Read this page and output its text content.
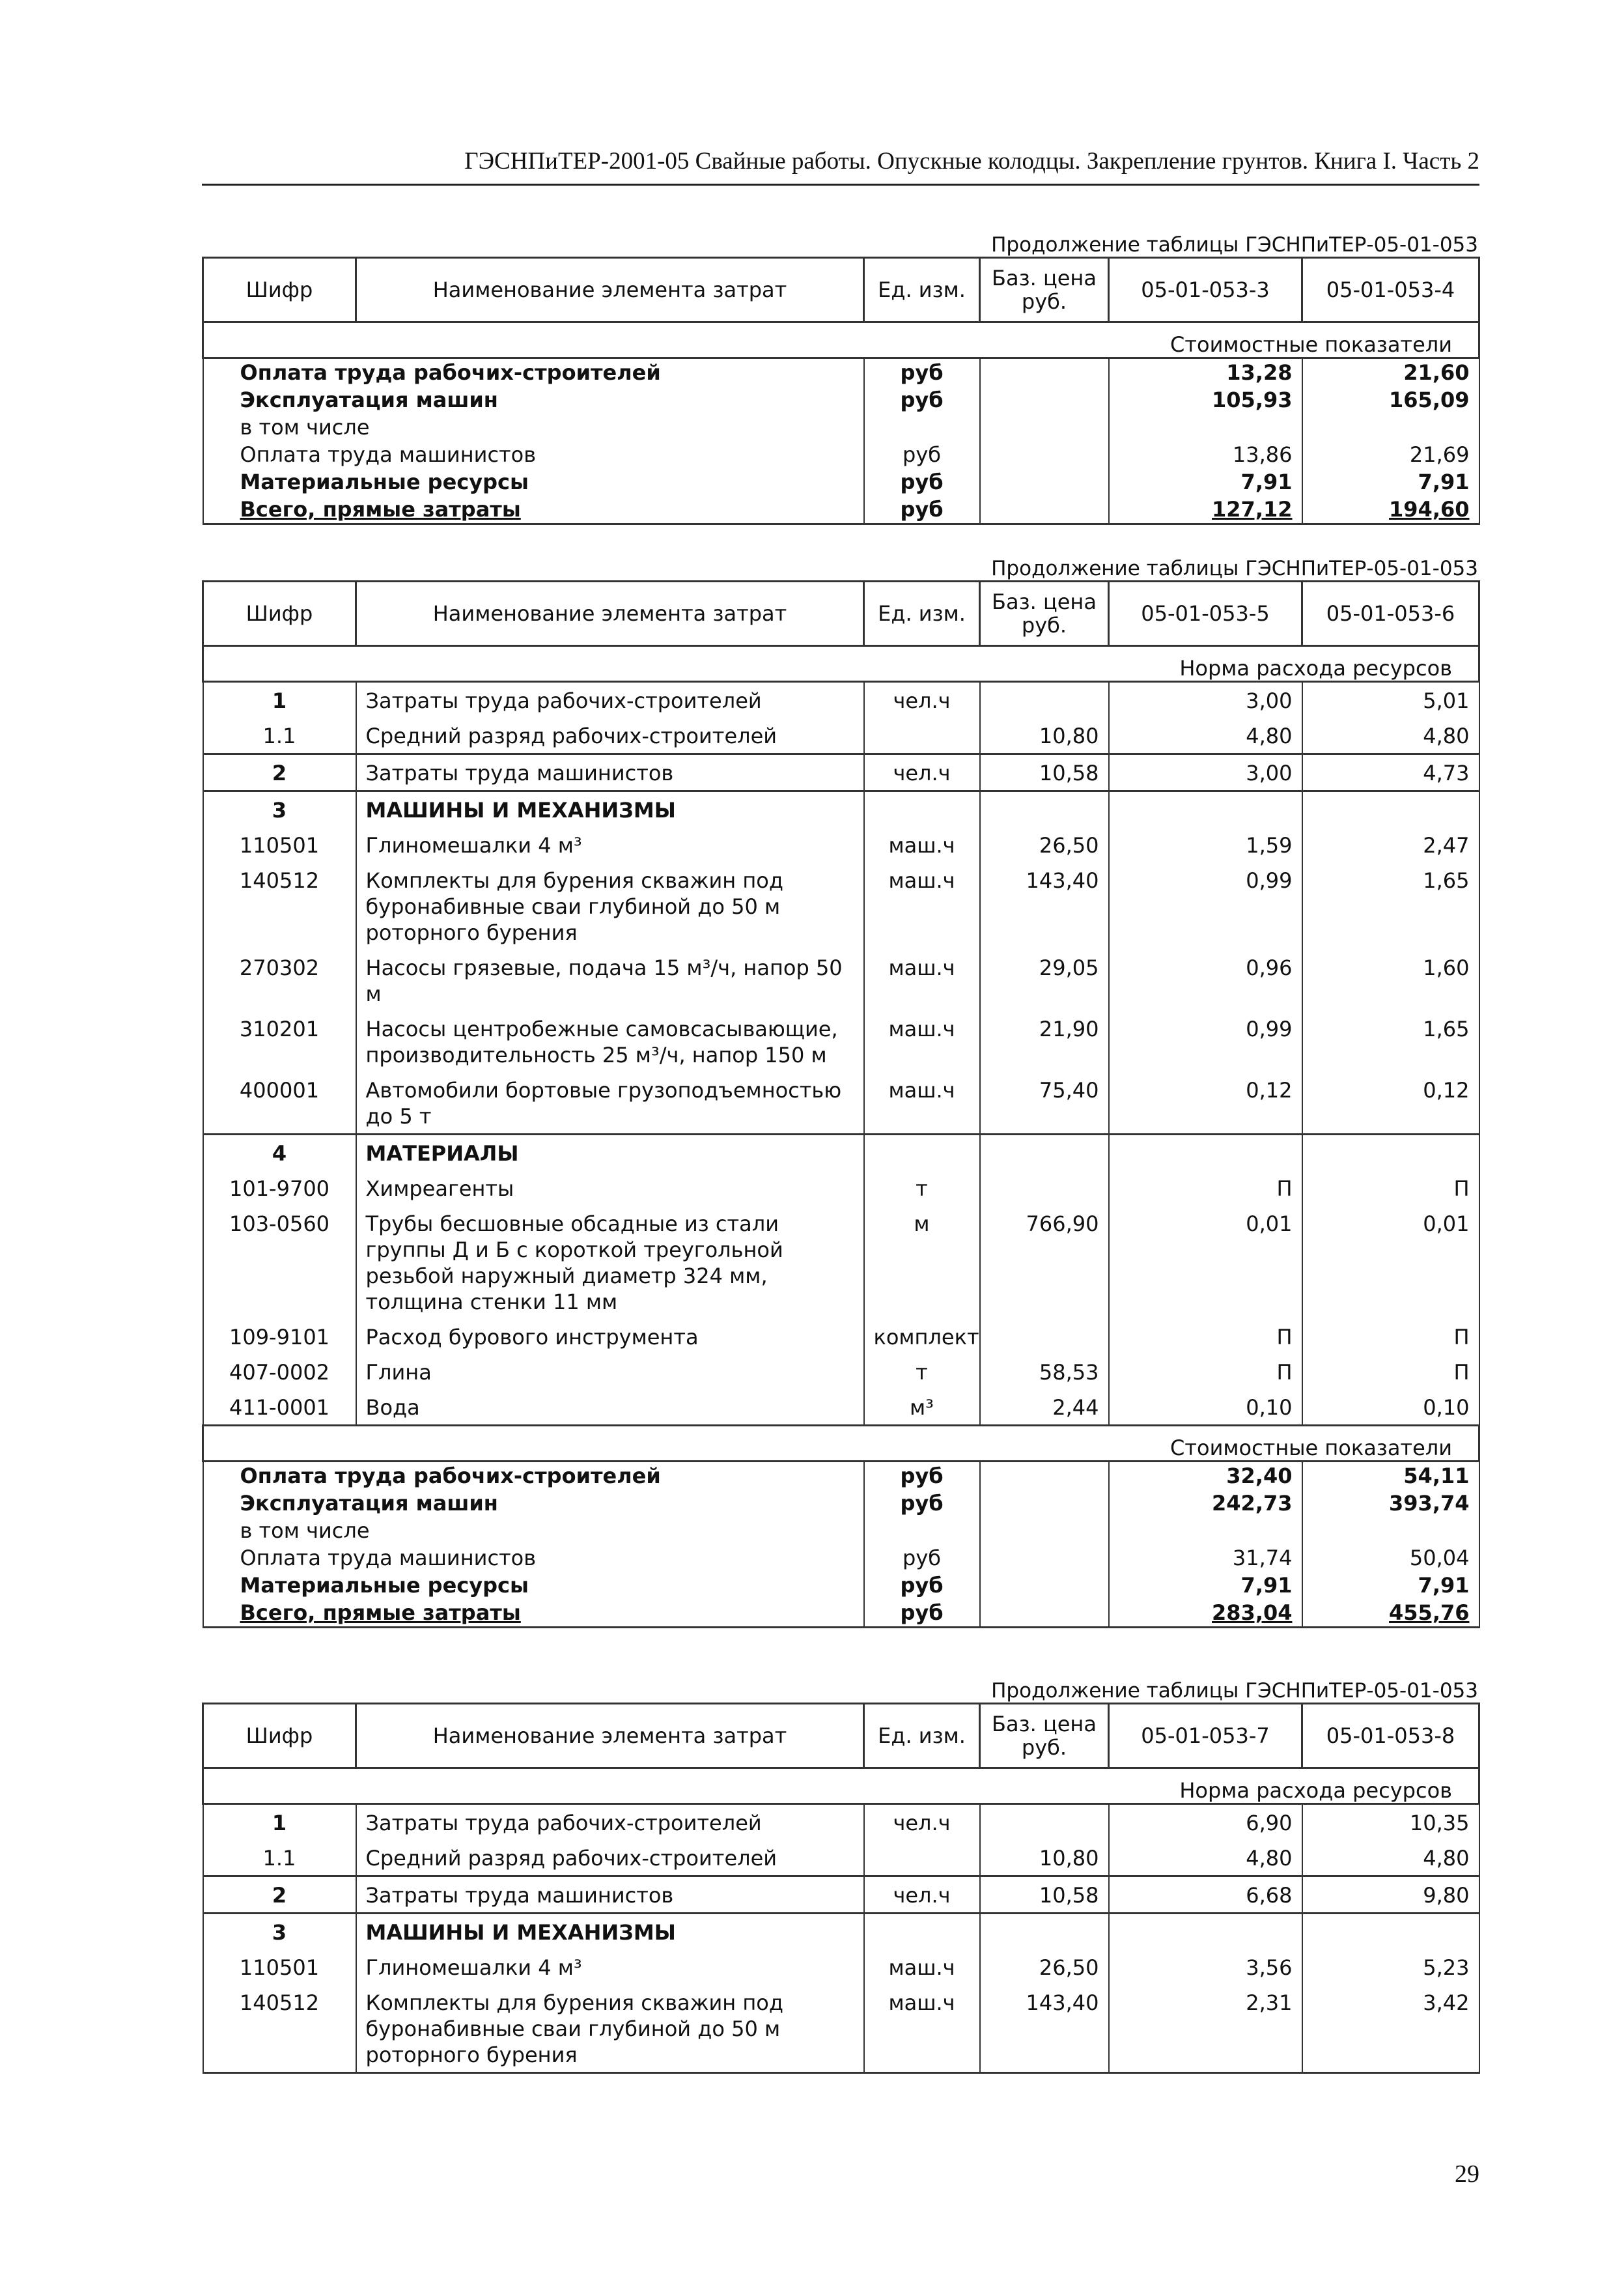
ГЭСНПиТЕР-2001-05 Свайные работы. Опускные колодцы. Закрепление грунтов. Книга I. Часть 2
Продолжение таблицы ГЭСНПиТЕР-05-01-053
Шифр	Наименование элемента затрат	Ед. изм.	Баз. цена руб.	05-01-053-3	05-01-053-4
Стоимостные показатели					
Оплата труда рабочих-строителей		руб		13,28	21,60
Эксплуатация машин		руб		105,93	165,09
в том числе					
Оплата труда машинистов		руб		13,86	21,69
Материальные ресурсы		руб		7,91	7,91
Всего, прямые затраты		руб		127,12	194,60
Продолжение таблицы ГЭСНПиТЕР-05-01-053
Шифр	Наименование элемента затрат	Ед. изм.	Баз. цена руб.	05-01-053-5	05-01-053-6
Норма расхода ресурсов					
1	Затраты труда рабочих-строителей	чел.ч		3,00	5,01
1.1	Средний разряд рабочих-строителей		10,80	4,80	4,80
2	Затраты труда машинистов	чел.ч	10,58	3,00	4,73
3	МАШИНЫ И МЕХАНИЗМЫ				
110501	Глиномешалки 4 м³	маш.ч	26,50	1,59	2,47
140512	Комплекты для бурения скважин под буронабивные сваи глубиной до 50 м роторного бурения	маш.ч	143,40	0,99	1,65
270302	Насосы грязевые, подача 15 м³/ч, напор 50 м	маш.ч	29,05	0,96	1,60
310201	Насосы центробежные самовсасывающие, производительность 25 м³/ч, напор 150 м	маш.ч	21,90	0,99	1,65
400001	Автомобили бортовые грузоподъемностью до 5 т	маш.ч	75,40	0,12	0,12
4	МАТЕРИАЛЫ				
101-9700	Химреагенты	т		П	П
103-0560	Трубы бесшовные обсадные из стали группы Д и Б с короткой треугольной резьбой наружный диаметр 324 мм, толщина стенки 11 мм	м	766,90	0,01	0,01
109-9101	Расход бурового инструмента	комплект		П	П
407-0002	Глина	т	58,53	П	П
411-0001	Вода	м³	2,44	0,10	0,10
Стоимостные показатели					
Оплата труда рабочих-строителей		руб		32,40	54,11
Эксплуатация машин		руб		242,73	393,74
в том числе					
Оплата труда машинистов		руб		31,74	50,04
Материальные ресурсы		руб		7,91	7,91
Всего, прямые затраты		руб		283,04	455,76
Продолжение таблицы ГЭСНПиТЕР-05-01-053
Шифр	Наименование элемента затрат	Ед. изм.	Баз. цена руб.	05-01-053-7	05-01-053-8
Норма расхода ресурсов					
1	Затраты труда рабочих-строителей	чел.ч		6,90	10,35
1.1	Средний разряд рабочих-строителей		10,80	4,80	4,80
2	Затраты труда машинистов	чел.ч	10,58	6,68	9,80
3	МАШИНЫ И МЕХАНИЗМЫ				
110501	Глиномешалки 4 м³	маш.ч	26,50	3,56	5,23
140512	Комплекты для бурения скважин под буронабивные сваи глубиной до 50 м роторного бурения	маш.ч	143,40	2,31	3,42
29
